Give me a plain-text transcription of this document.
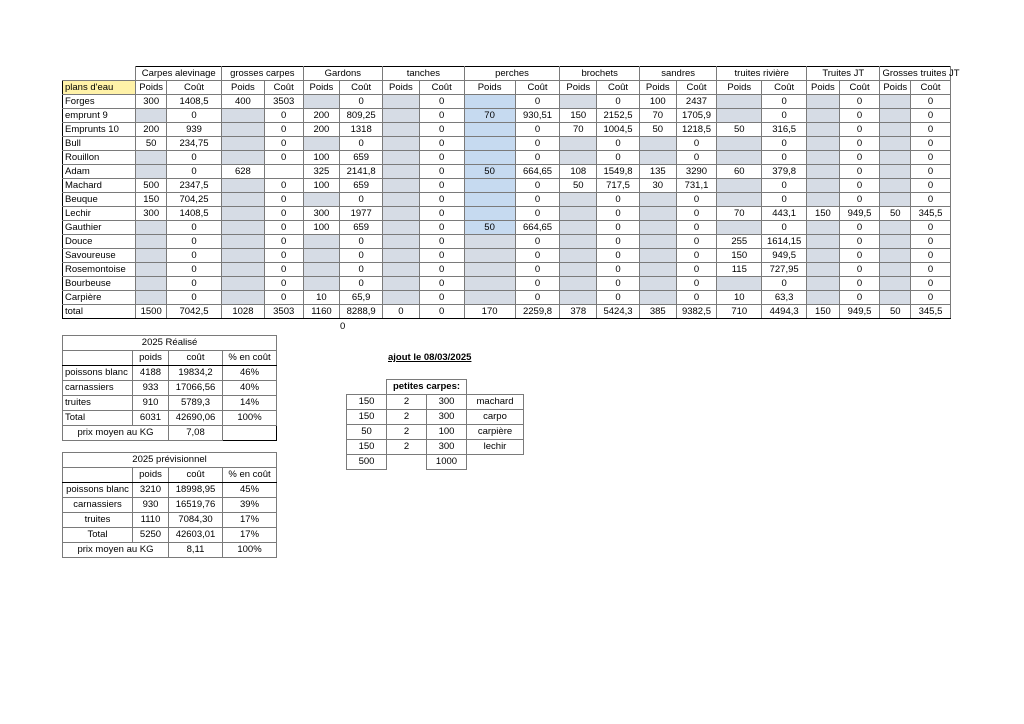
	Carpes alevinage		grosses carpes		Gardons		tanches		perches		brochets		sandres		truites rivière		Truites JT		Grosses truites JT	
plans d'eau	Poids	Coût	Poids	Coût	Poids	Coût	Poids	Coût	Poids	Coût	Poids	Coût	Poids	Coût	Poids	Coût	Poids	Coût	Poids	Coût
Forges	300	1408,5	400	3503		0		0		0		0	100	2437		0		0		0
emprunt 9		0		0	200	809,25		0	70	930,51	150	2152,5	70	1705,9		0		0		0
Emprunts 10	200	939		0	200	1318		0		0	70	1004,5	50	1218,5	50	316,5		0		0
Bull	50	234,75		0		0		0		0		0		0		0		0		0
Rouillon		0		0	100	659		0		0		0		0		0		0		0
Adam		0	628		325	2141,8		0	50	664,65	108	1549,8	135	3290	60	379,8		0		0
Machard	500	2347,5		0	100	659		0		0	50	717,5	30	731,1		0		0		0
Beuque	150	704,25		0		0		0		0		0		0		0		0		0
Lechir	300	1408,5		0	300	1977		0		0		0		0	70	443,1	150	949,5	50	345,5
Gauthier		0		0	100	659		0	50	664,65		0		0		0		0		0
Douce		0		0		0		0		0		0		0	255	1614,15		0		0
Savoureuse		0		0		0		0		0		0		0	150	949,5		0		0
Rosemontoise		0		0		0		0		0		0		0	115	727,95		0		0
Bourbeuse		0		0		0		0		0		0		0		0		0		0
Carpière		0		0	10	65,9		0		0		0		0	10	63,3		0		0
total	1500	7042,5	1028	3503	1160	8288,9	0	0	170	2259,8	378	5424,3	385	9382,5	710	4494,3	150	949,5	50	345,5
0
2025 Réalisé			
	poids	coût	% en coût
poissons blanc	4188	19834,2	46%
carnassiers	933	17066,56	40%
truites	910	5789,3	14%
Total	6031	42690,06	100%
prix moyen au KG		7,08	
2025 prévisionnel			
	poids	coût	% en coût
poissons blanc	3210	18998,95	45%
carnassiers	930	16519,76	39%
truites	1110	7084,30	17%
Total	5250	42603,01	17%
prix moyen au KG		8,11	100%
ajout le 08/03/2025
	petites carpes:		
150	2	300	machard
150	2	300	carpo
50	2	100	carpière
150	2	300	lechir
500		1000	
